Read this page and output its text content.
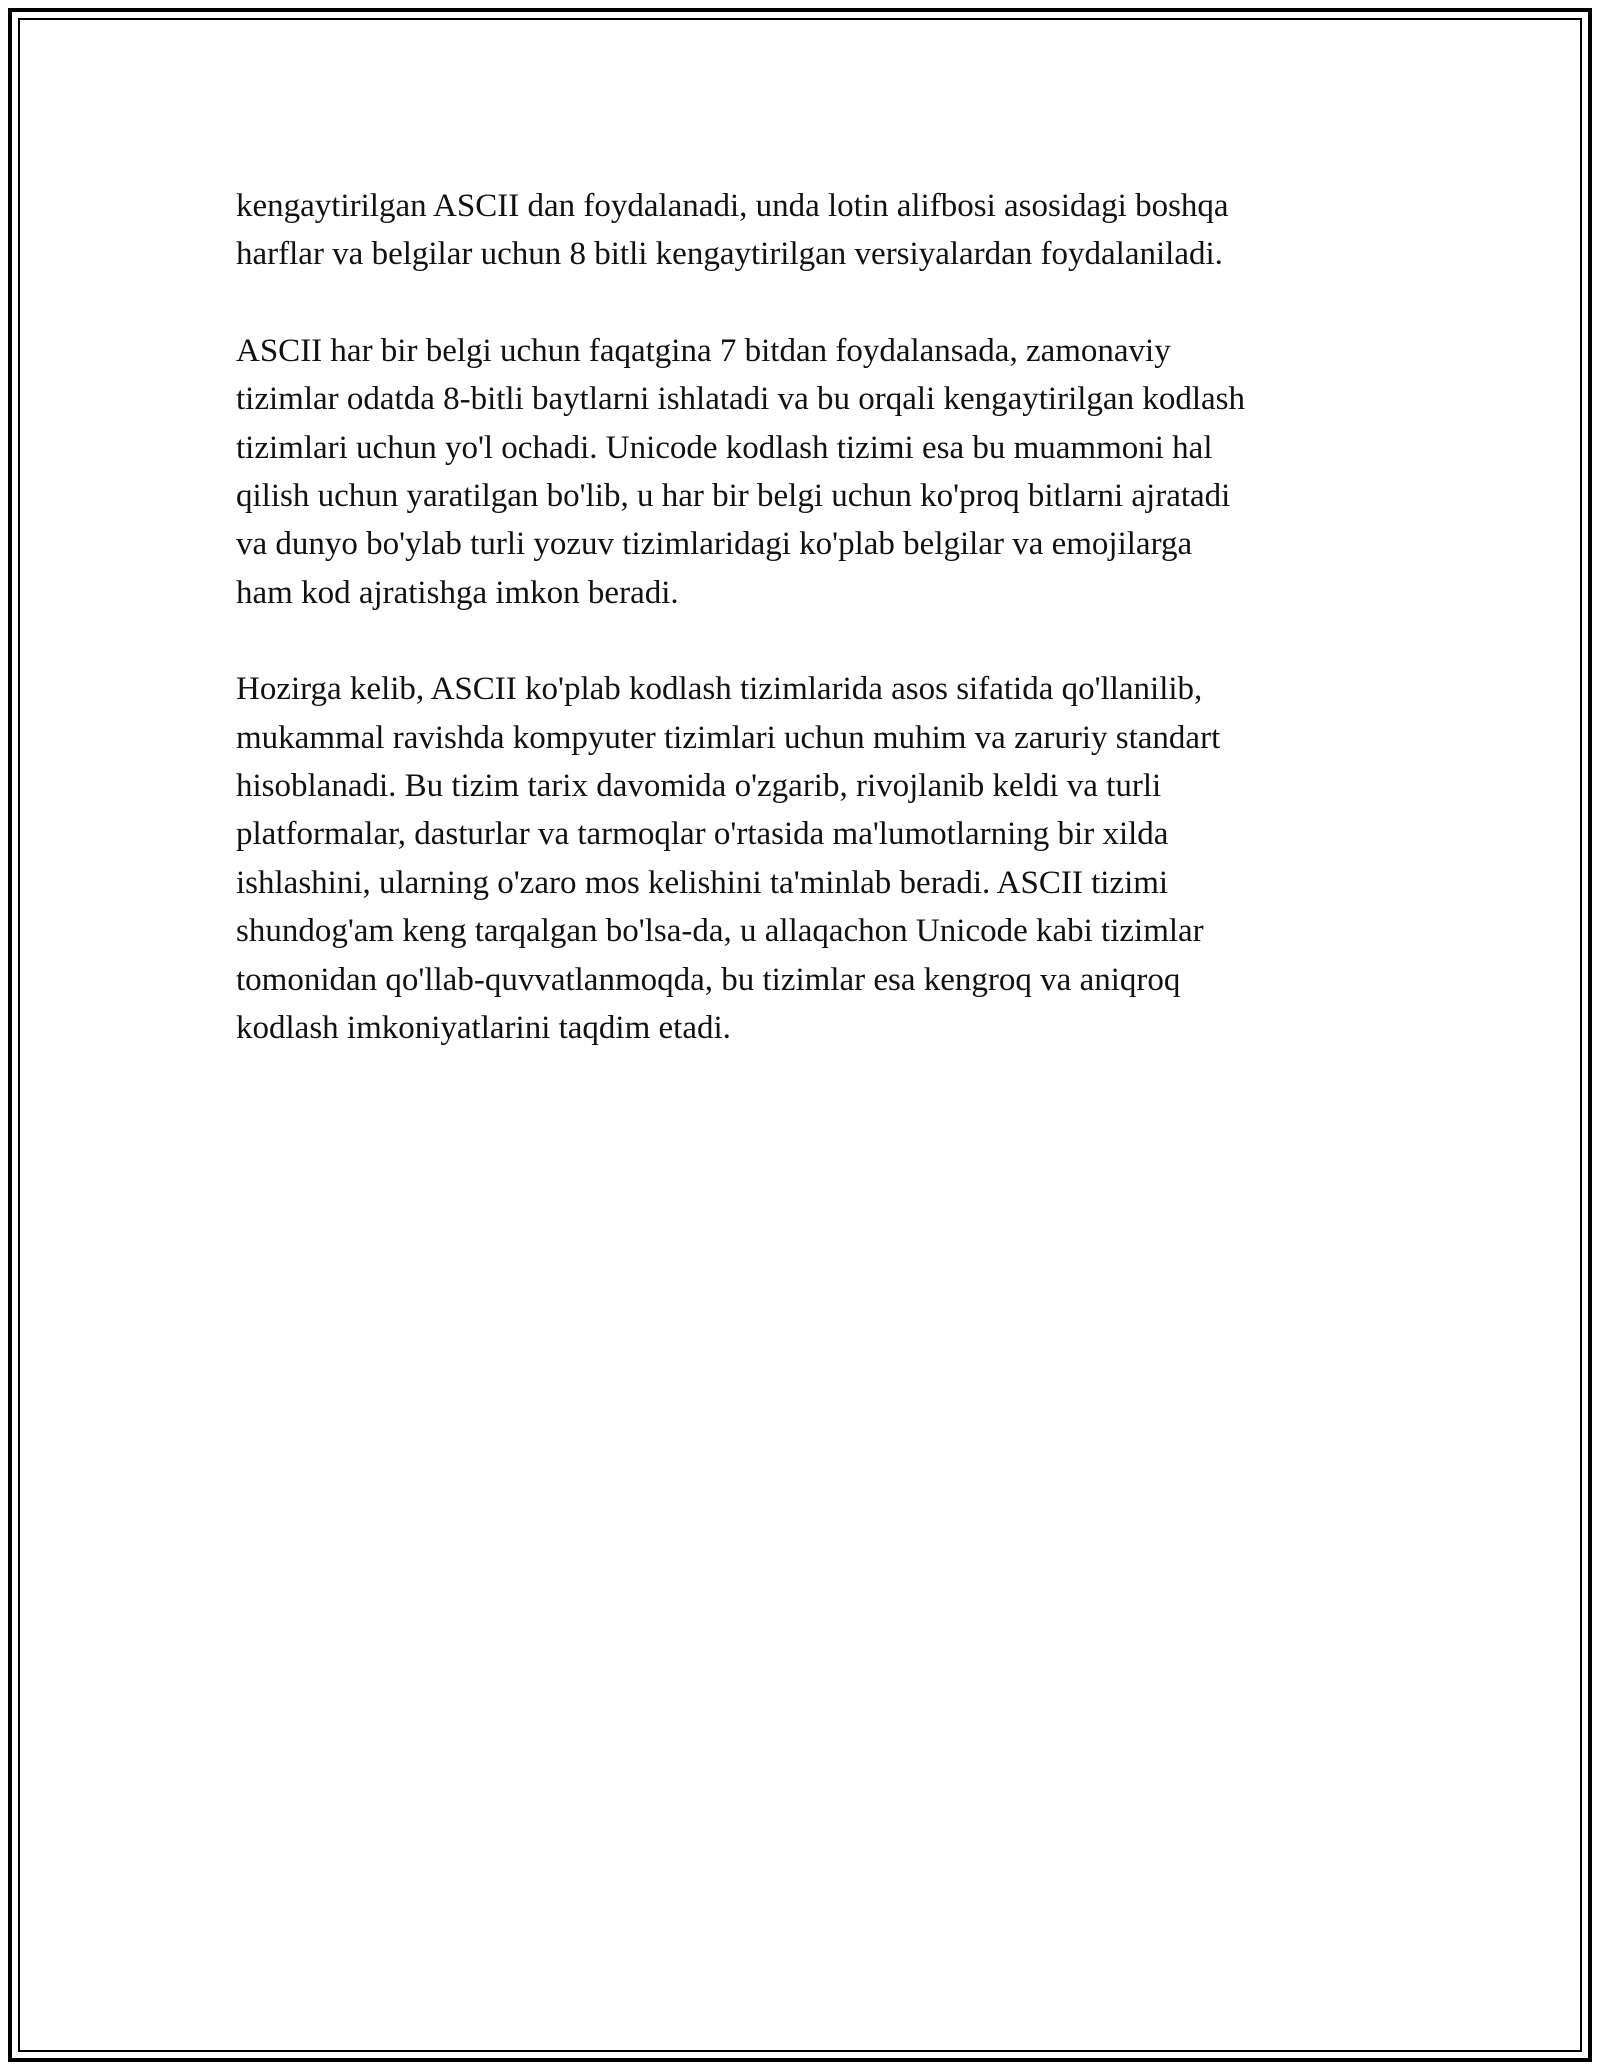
kengaytirilgan ASCII dan foydalanadi, unda lotin alifbosi asosidagi boshqa
harflar va belgilar uchun 8 bitli kengaytirilgan versiyalardan foydalaniladi.

ASCII har bir belgi uchun faqatgina 7 bitdan foydalansada, zamonaviy
tizimlar odatda 8-bitli baytlarni ishlatadi va bu orqali kengaytirilgan kodlash
tizimlari uchun yo'l ochadi. Unicode kodlash tizimi esa bu muammoni hal
qilish uchun yaratilgan bo'lib, u har bir belgi uchun ko'proq bitlarni ajratadi
va dunyo bo'ylab turli yozuv tizimlaridagi ko'plab belgilar va emojilarga
ham kod ajratishga imkon beradi.

Hozirga kelib, ASCII ko'plab kodlash tizimlarida asos sifatida qo'llanilib,
mukammal ravishda kompyuter tizimlari uchun muhim va zaruriy standart
hisoblanadi. Bu tizim tarix davomida o'zgarib, rivojlanib keldi va turli
platformalar, dasturlar va tarmoqlar o'rtasida ma'lumotlarning bir xilda
ishlashini, ularning o'zaro mos kelishini ta'minlab beradi. ASCII tizimi
shundog'am keng tarqalgan bo'lsa-da, u allaqachon Unicode kabi tizimlar
tomonidan qo'llab-quvvatlanmoqda, bu tizimlar esa kengroq va aniqroq
kodlash imkoniyatlarini taqdim etadi.
